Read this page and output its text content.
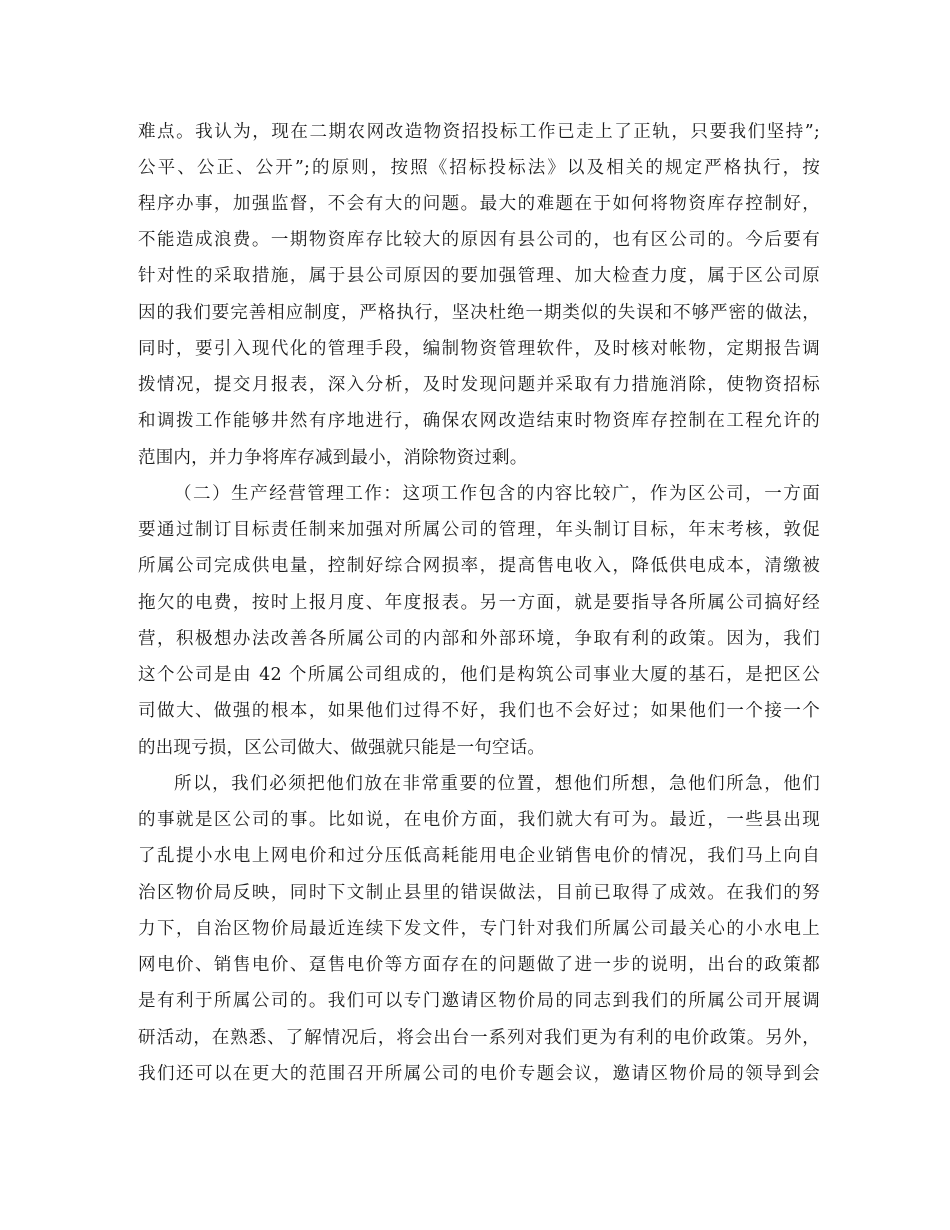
难点。我认为，现在二期农网改造物资招投标工作已走上了正轨，只要我们坚持”;
公平、公正、公开”;的原则，按照《招标投标法》以及相关的规定严格执行，按
程序办事，加强监督，不会有大的问题。最大的难题在于如何将物资库存控制好，
不能造成浪费。一期物资库存比较大的原因有县公司的，也有区公司的。今后要有
针对性的采取措施，属于县公司原因的要加强管理、加大检查力度，属于区公司原
因的我们要完善相应制度，严格执行，坚决杜绝一期类似的失误和不够严密的做法，
同时，要引入现代化的管理手段，编制物资管理软件，及时核对帐物，定期报告调
拨情况，提交月报表，深入分析，及时发现问题并采取有力措施消除，使物资招标
和调拨工作能够井然有序地进行，确保农网改造结束时物资库存控制在工程允许的
范围内，并力争将库存减到最小，消除物资过剩。
（二）生产经营管理工作：这项工作包含的内容比较广，作为区公司，一方面
要通过制订目标责任制来加强对所属公司的管理，年头制订目标，年末考核，敦促
所属公司完成供电量，控制好综合网损率，提高售电收入，降低供电成本，清缴被
拖欠的电费，按时上报月度、年度报表。另一方面，就是要指导各所属公司搞好经
营，积极想办法改善各所属公司的内部和外部环境，争取有利的政策。因为，我们
这个公司是由 42 个所属公司组成的，他们是构筑公司事业大厦的基石，是把区公
司做大、做强的根本，如果他们过得不好，我们也不会好过；如果他们一个接一个
的出现亏损，区公司做大、做强就只能是一句空话。
所以，我们必须把他们放在非常重要的位置，想他们所想，急他们所急，他们
的事就是区公司的事。比如说，在电价方面，我们就大有可为。最近，一些县出现
了乱提小水电上网电价和过分压低高耗能用电企业销售电价的情况，我们马上向自
治区物价局反映，同时下文制止县里的错误做法，目前已取得了成效。在我们的努
力下，自治区物价局最近连续下发文件，专门针对我们所属公司最关心的小水电上
网电价、销售电价、趸售电价等方面存在的问题做了进一步的说明，出台的政策都
是有利于所属公司的。我们可以专门邀请区物价局的同志到我们的所属公司开展调
研活动，在熟悉、了解情况后，将会出台一系列对我们更为有利的电价政策。另外，
我们还可以在更大的范围召开所属公司的电价专题会议，邀请区物价局的领导到会
